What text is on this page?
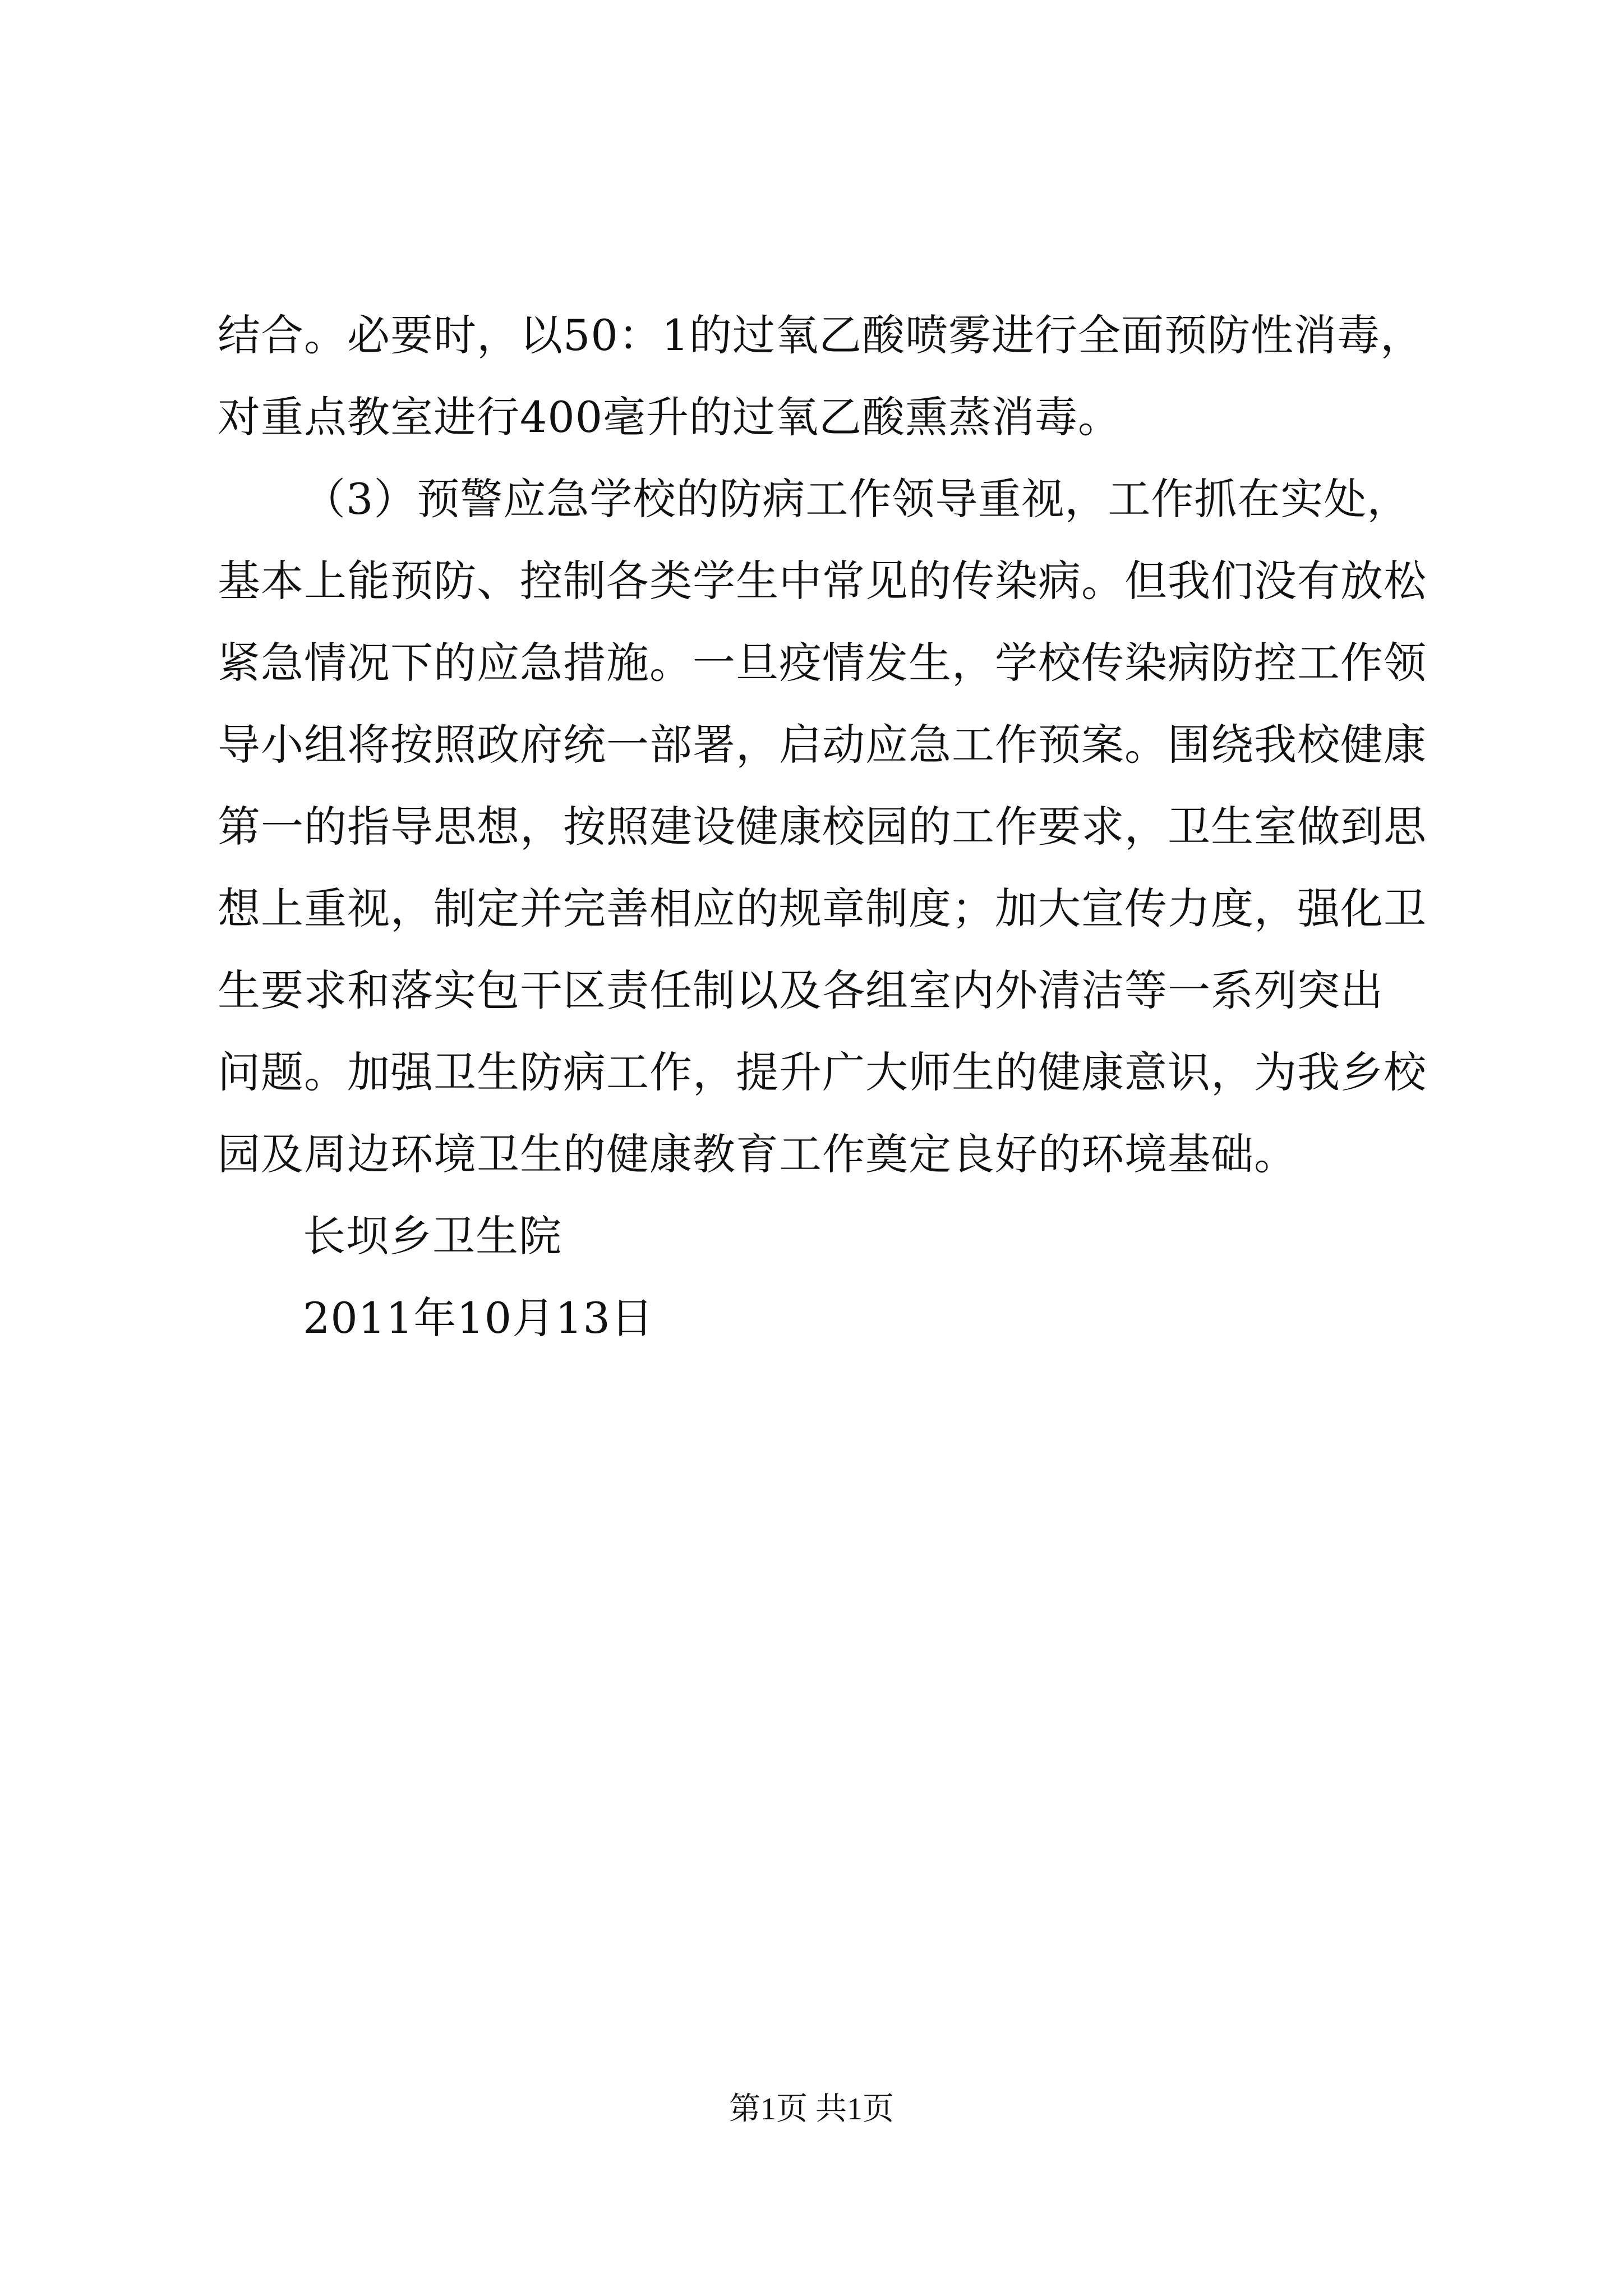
结合。必要时，以50：1的过氧乙酸喷雾进行全面预防性消毒，
对重点教室进行400毫升的过氧乙酸熏蒸消毒。
（3）预警应急学校的防病工作领导重视，工作抓在实处，
基本上能预防、控制各类学生中常见的传染病。但我们没有放松
紧急情况下的应急措施。一旦疫情发生，学校传染病防控工作领
导小组将按照政府统一部署，启动应急工作预案。围绕我校健康
第一的指导思想，按照建设健康校园的工作要求，卫生室做到思
想上重视，制定并完善相应的规章制度；加大宣传力度，强化卫
生要求和落实包干区责任制以及各组室内外清洁等一系列突出
问题。加强卫生防病工作，提升广大师生的健康意识，为我乡校
园及周边环境卫生的健康教育工作奠定良好的环境基础。
长坝乡卫生院
2011年10月13日
第1页 共1页
